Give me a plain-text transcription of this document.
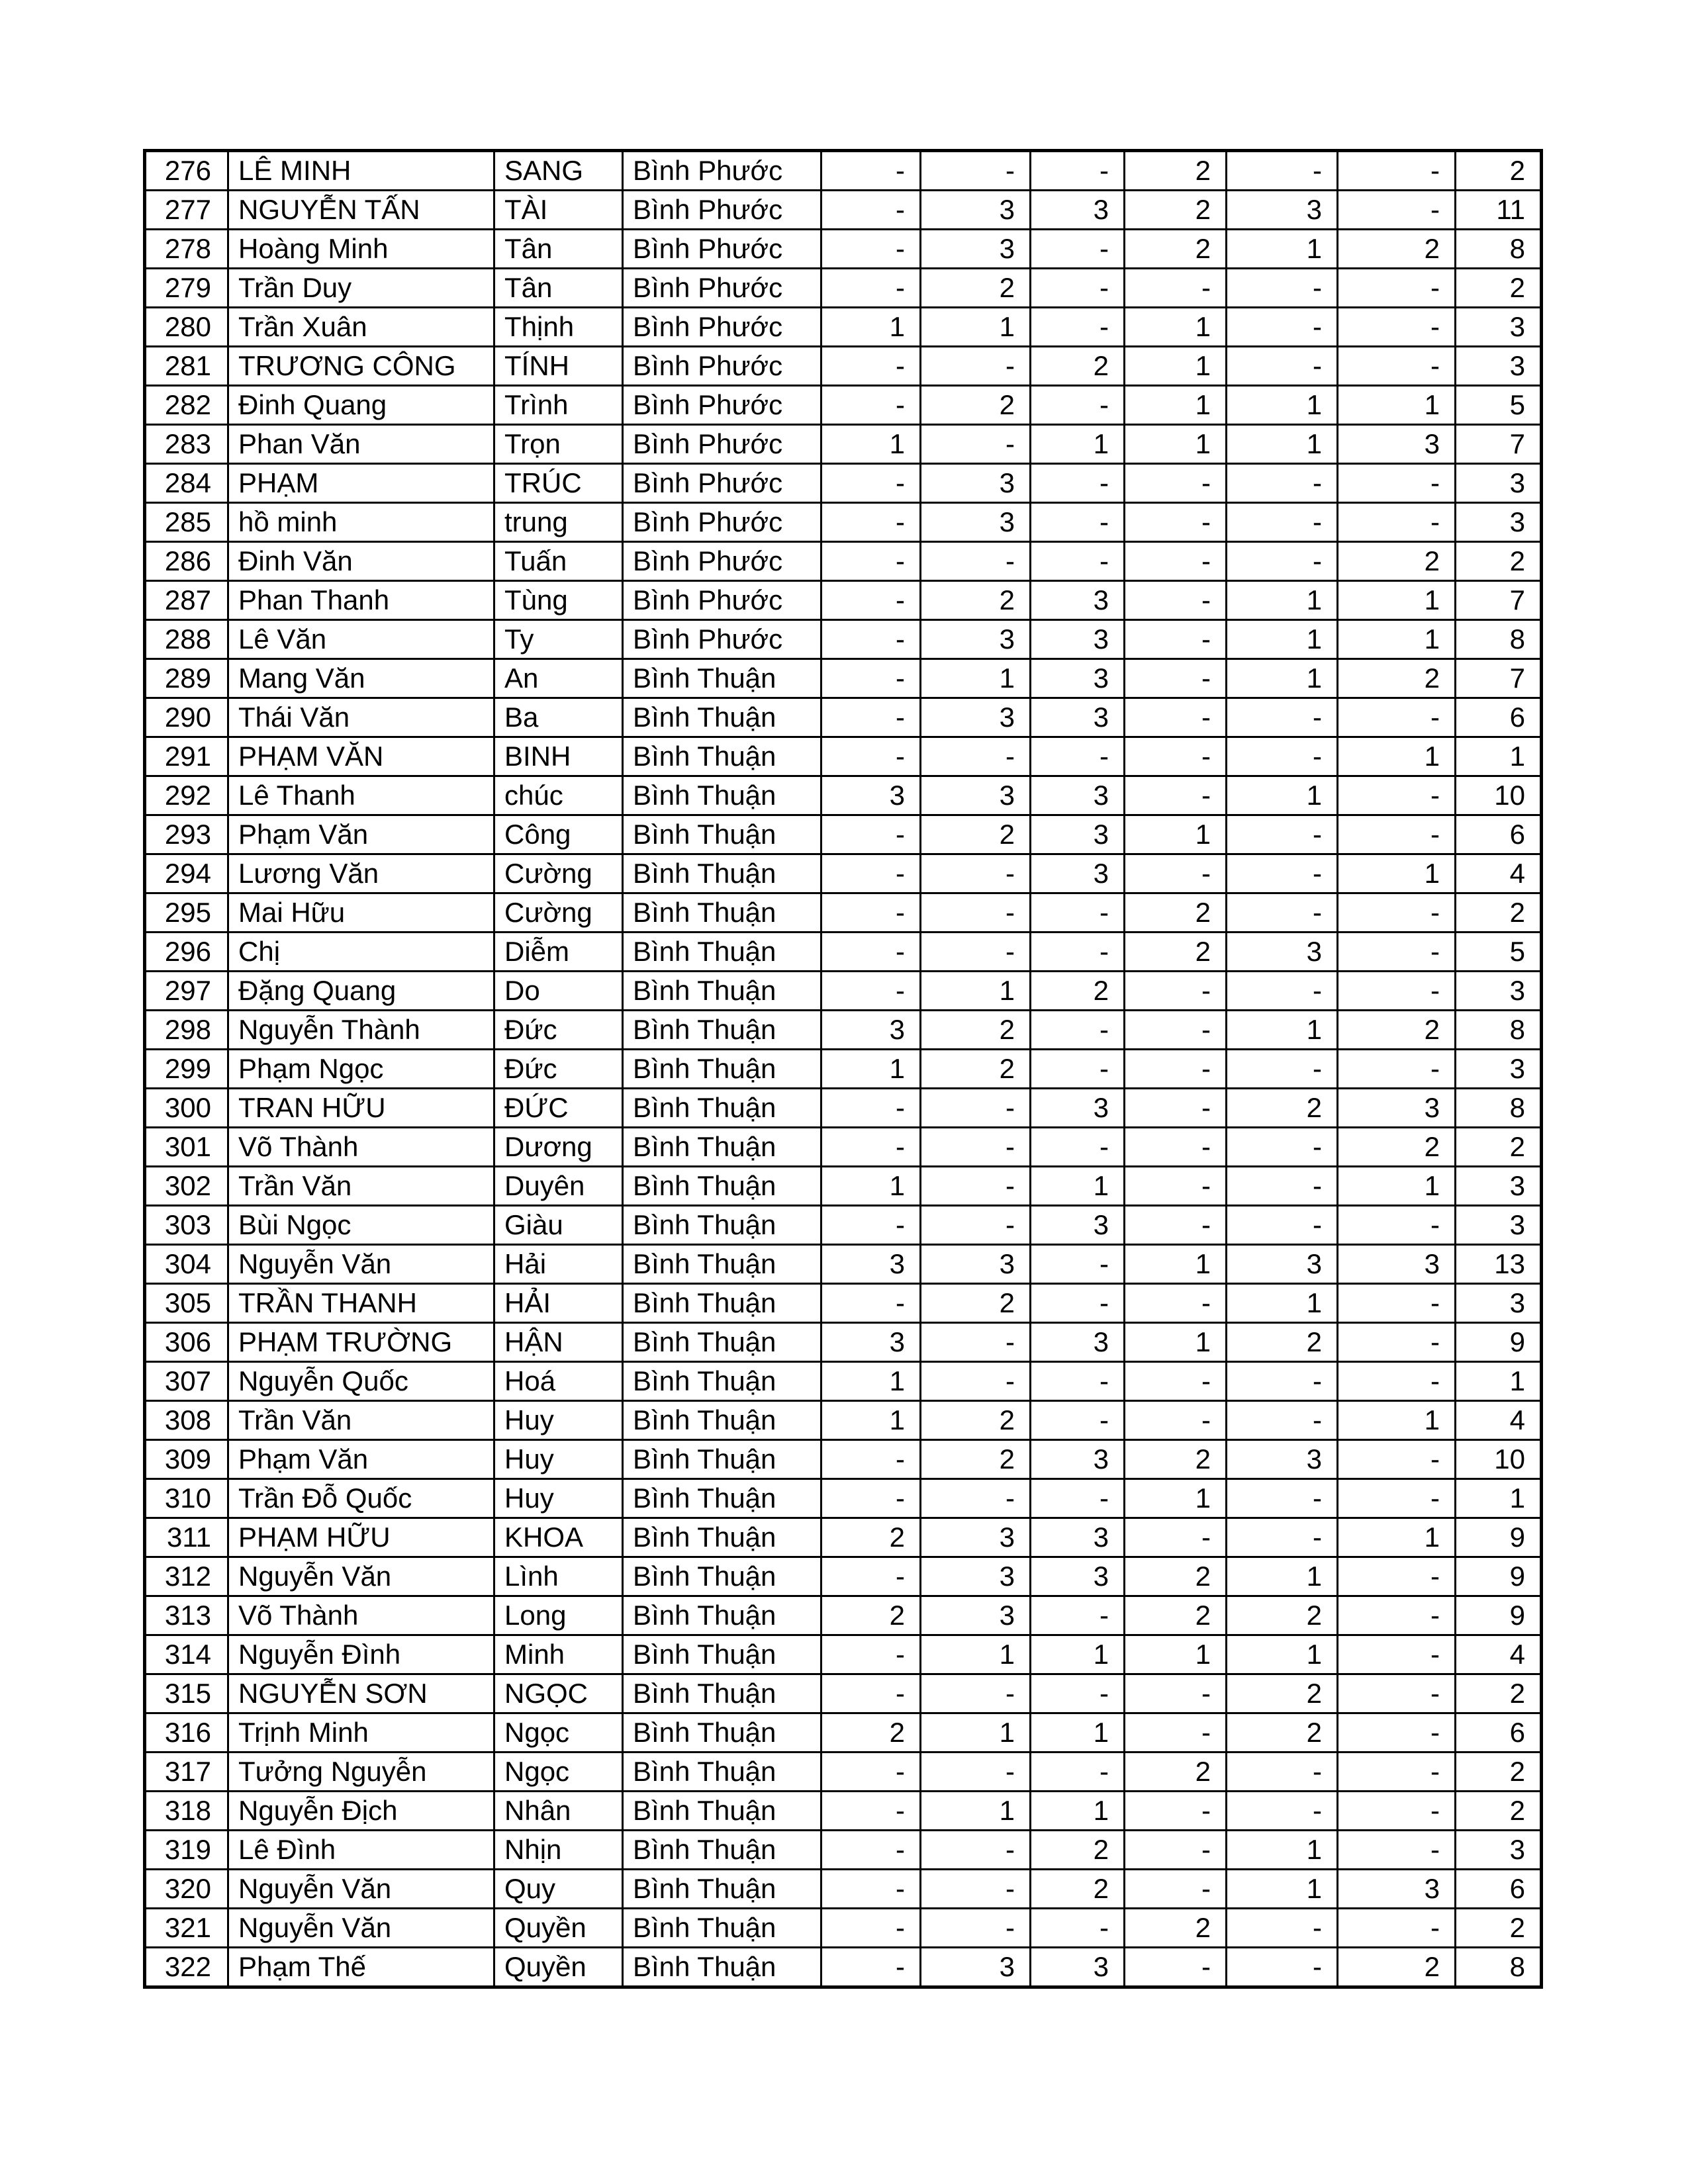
276	LÊ MINH	SANG	Bình Phước	-	-	-	2	-	-	2
277	NGUYỄN TẤN	TÀI	Bình Phước	-	3	3	2	3	-	11
278	Hoàng Minh	Tân	Bình Phước	-	3	-	2	1	2	8
279	Trần Duy	Tân	Bình Phước	-	2	-	-	-	-	2
280	Trần Xuân	Thịnh	Bình Phước	1	1	-	1	-	-	3
281	TRƯƠNG CÔNG	TÍNH	Bình Phước	-	-	2	1	-	-	3
282	Đinh Quang	Trình	Bình Phước	-	2	-	1	1	1	5
283	Phan Văn	Trọn	Bình Phước	1	-	1	1	1	3	7
284	PHẠM	TRÚC	Bình Phước	-	3	-	-	-	-	3
285	hồ minh	trung	Bình Phước	-	3	-	-	-	-	3
286	Đinh Văn	Tuấn	Bình Phước	-	-	-	-	-	2	2
287	Phan Thanh	Tùng	Bình Phước	-	2	3	-	1	1	7
288	Lê Văn	Ty	Bình Phước	-	3	3	-	1	1	8
289	Mang Văn	An	Bình Thuận	-	1	3	-	1	2	7
290	Thái Văn	Ba	Bình Thuận	-	3	3	-	-	-	6
291	PHẠM VĂN	BINH	Bình Thuận	-	-	-	-	-	1	1
292	Lê Thanh	chúc	Bình Thuận	3	3	3	-	1	-	10
293	Phạm Văn	Công	Bình Thuận	-	2	3	1	-	-	6
294	Lương Văn	Cường	Bình Thuận	-	-	3	-	-	1	4
295	Mai Hữu	Cường	Bình Thuận	-	-	-	2	-	-	2
296	Chị	Diễm	Bình Thuận	-	-	-	2	3	-	5
297	Đặng Quang	Do	Bình Thuận	-	1	2	-	-	-	3
298	Nguyễn Thành	Đức	Bình Thuận	3	2	-	-	1	2	8
299	Phạm Ngọc	Đức	Bình Thuận	1	2	-	-	-	-	3
300	TRAN HỮU	ĐỨC	Bình Thuận	-	-	3	-	2	3	8
301	Võ Thành	Dương	Bình Thuận	-	-	-	-	-	2	2
302	Trần Văn	Duyên	Bình Thuận	1	-	1	-	-	1	3
303	Bùi Ngọc	Giàu	Bình Thuận	-	-	3	-	-	-	3
304	Nguyễn Văn	Hải	Bình Thuận	3	3	-	1	3	3	13
305	TRẦN THANH	HẢI	Bình Thuận	-	2	-	-	1	-	3
306	PHẠM TRƯỜNG	HẬN	Bình Thuận	3	-	3	1	2	-	9
307	Nguyễn Quốc	Hoá	Bình Thuận	1	-	-	-	-	-	1
308	Trần Văn	Huy	Bình Thuận	1	2	-	-	-	1	4
309	Phạm Văn	Huy	Bình Thuận	-	2	3	2	3	-	10
310	Trần Đỗ Quốc	Huy	Bình Thuận	-	-	-	1	-	-	1
311	PHẠM HỮU	KHOA	Bình Thuận	2	3	3	-	-	1	9
312	Nguyễn Văn	Lình	Bình Thuận	-	3	3	2	1	-	9
313	Võ Thành	Long	Bình Thuận	2	3	-	2	2	-	9
314	Nguyễn Đình	Minh	Bình Thuận	-	1	1	1	1	-	4
315	NGUYỄN SƠN	NGỌC	Bình Thuận	-	-	-	-	2	-	2
316	Trịnh Minh	Ngọc	Bình Thuận	2	1	1	-	2	-	6
317	Tưởng Nguyễn	Ngọc	Bình Thuận	-	-	-	2	-	-	2
318	Nguyễn Địch	Nhân	Bình Thuận	-	1	1	-	-	-	2
319	Lê Đình	Nhịn	Bình Thuận	-	-	2	-	1	-	3
320	Nguyễn Văn	Quy	Bình Thuận	-	-	2	-	1	3	6
321	Nguyễn Văn	Quyền	Bình Thuận	-	-	-	2	-	-	2
322	Phạm Thế	Quyền	Bình Thuận	-	3	3	-	-	2	8
